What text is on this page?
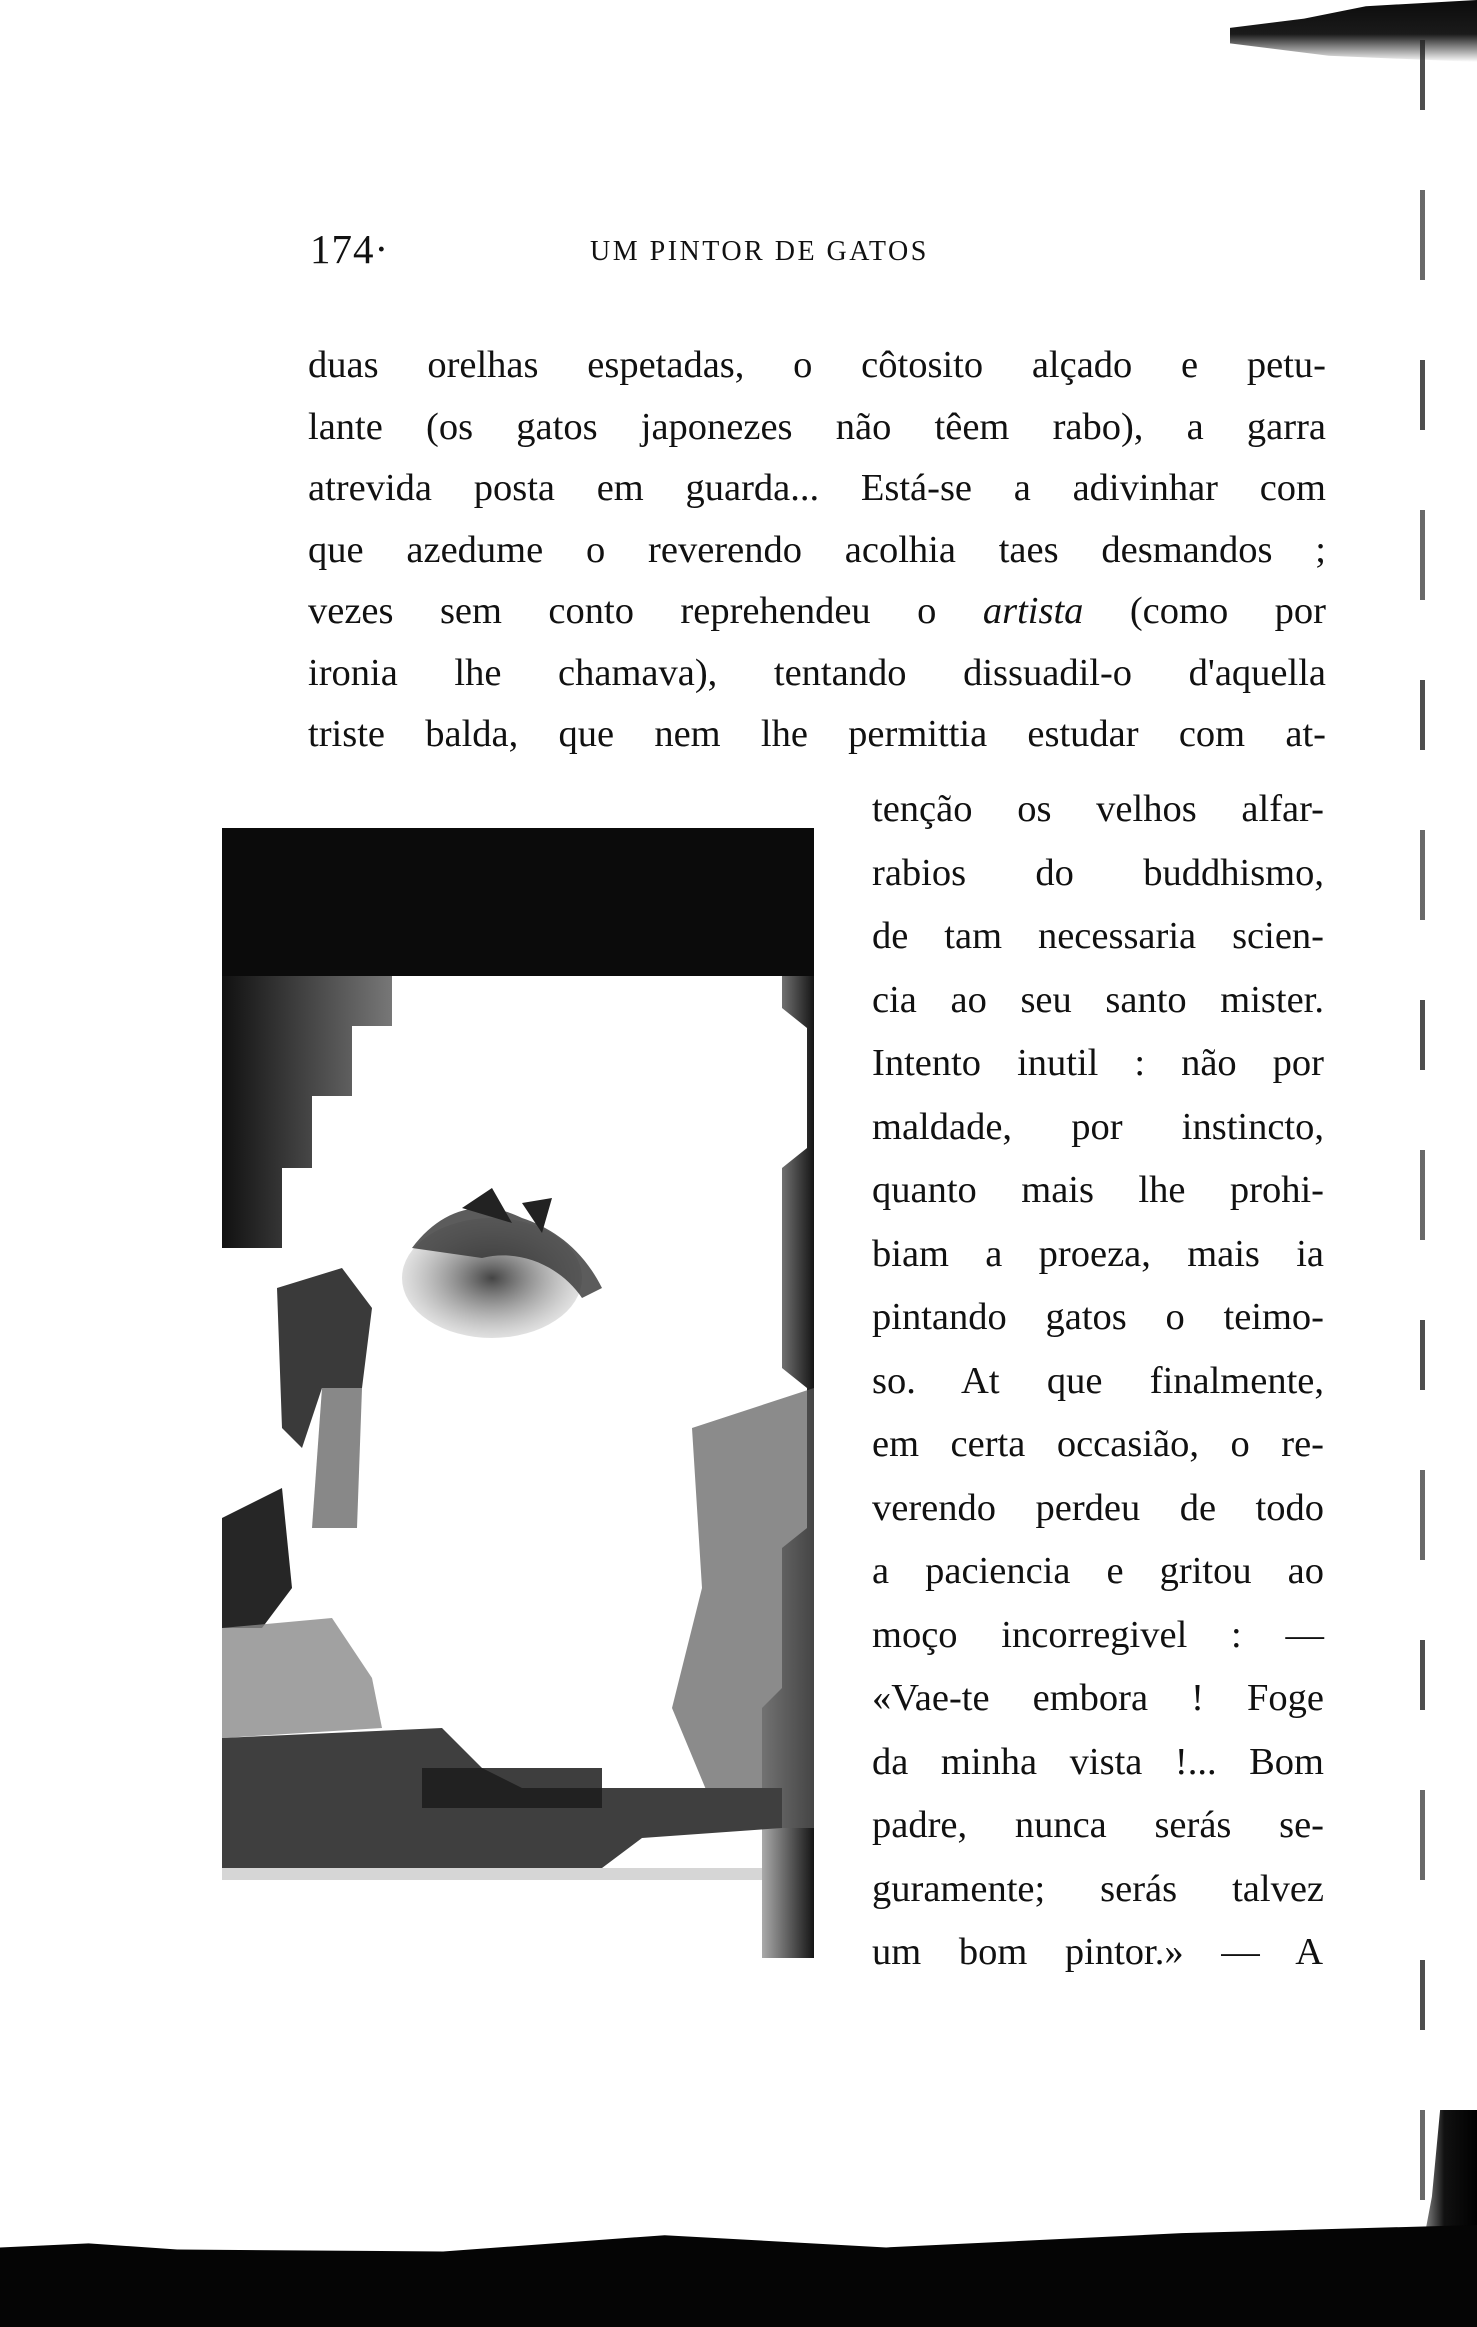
174·	UM PINTOR DE GATOS
duas orelhas espetadas, o côtosito alçado e petu-
lante (os gatos japonezes não têem rabo), a garra
atrevida posta em guarda... Está-se a adivinhar com
que azedume o reverendo acolhia taes desmandos ;
vezes sem conto reprehendeu o artista (como por
ironia lhe chamava), tentando dissuadil-o d'aquella
triste balda, que nem lhe permittia estudar com at-
tenção os velhos alfar-
rabios do buddhismo,
de tam necessaria scien-
cia ao seu santo mister.
Intento inutil : não por
maldade, por instincto,
quanto mais lhe prohi-
biam a proeza, mais ia
pintando gatos o teimo-
so. At que finalmente,
em certa occasião, o re-
verendo perdeu de todo
a paciencia e gritou ao
moço incorregivel : —
«Vae-te embora ! Foge
da minha vista !... Bom
padre, nunca serás se-
guramente; serás talvez
um bom pintor.» — A
